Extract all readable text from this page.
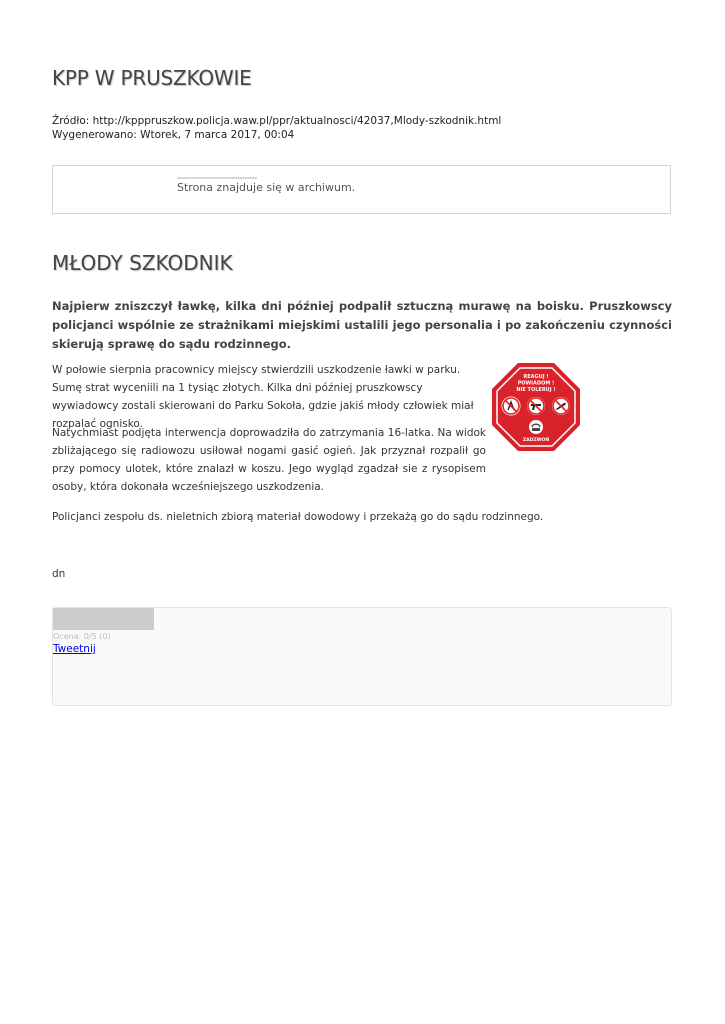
KPP W PRUSZKOWIE
Źródło: http://kpppruszkow.policja.waw.pl/ppr/aktualnosci/42037,Mlody-szkodnik.html
Wygenerowano: Wtorek, 7 marca 2017, 00:04
Strona znajduje się w archiwum.
MŁODY SZKODNIK

Najpierw zniszczył ławkę, kilka dni później podpalił sztuczną murawę na boisku. Pruszkowscy policjanci wspólnie ze strażnikami miejskimi ustalili jego personalia i po zakończeniu czynności skierują sprawę do sądu rodzinnego.

W połowie sierpnia pracownicy miejscy stwierdzili uszkodzenie ławki w parku. Sumę strat wyceniili na 1 tysiąc złotych. Kilka dni później pruszkowscy wywiadowcy zostali skierowani do Parku Sokoła, gdzie jakiś młody człowiek miał rozpalać ognisko.

Natychmiast podjęta interwencja doprowadziła do zatrzymania 16-latka. Na widok zbliżającego się radiowozu usiłował nogami gasić ogień. Jak przyznał rozpalił go przy pomocy ulotek, które znalazł w koszu. Jego wygląd zgadzał sie z rysopisem osoby, która dokonała wcześniejszego uszkodzenia.

Policjanci zespołu ds. nieletnich zbiorą materiał dowodowy i przekażą go do sądu rodzinnego.

REAGUJ !
POWIADOM !
NIE TOLERUJ !
ZADZWOŃ
dn
Ocena: 0/5 (0)
Tweetnij
